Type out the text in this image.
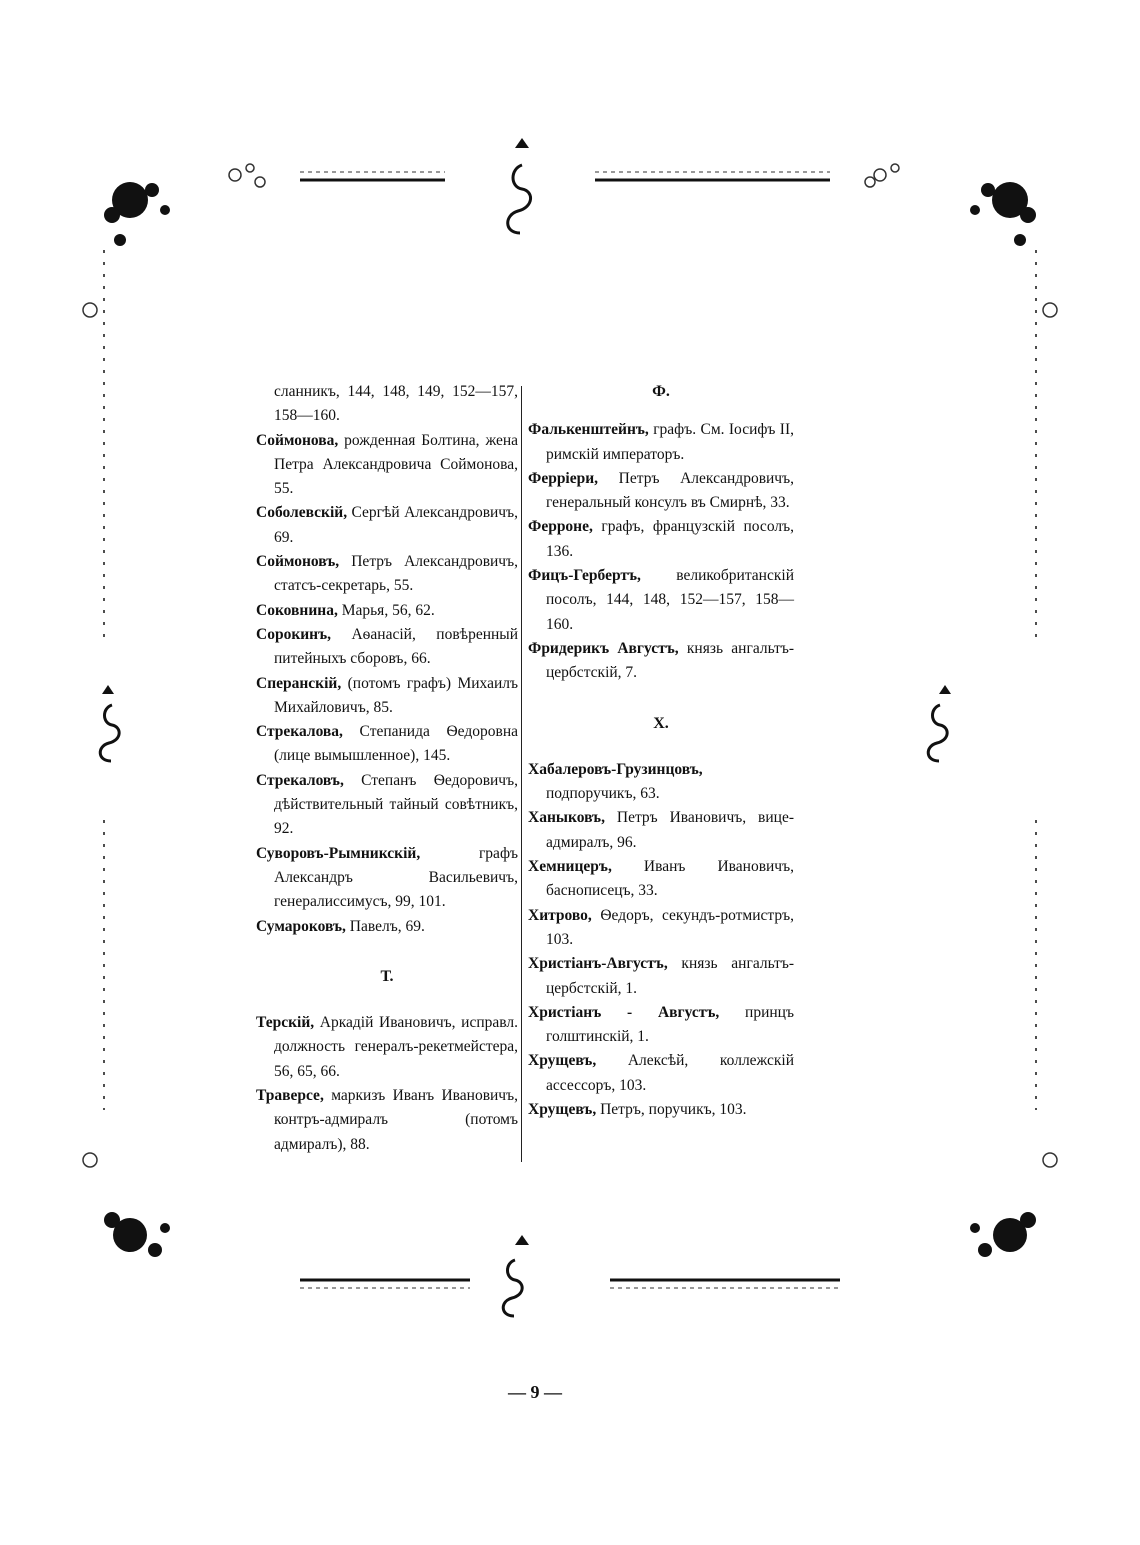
сланникъ, 144, 148, 149, 152—157, 158—160.

Соймонова, рожденная Болтина, жена Петра Александровича Соймонова, 55.

Соболевскій, Сергѣй Александровичъ, 69.

Соймоновъ, Петръ Александровичъ, статсъ-секретарь, 55.

Соковнина, Марья, 56, 62.

Сорокинъ, Аѳанасій, повѣренный питейныхъ сборовъ, 66.

Сперанскій, (потомъ графъ) Михаилъ Михайловичъ, 85.

Стрекалова, Степанида Ѳедоровна (лице вымышленное), 145.

Стрекаловъ, Степанъ Ѳедоровичъ, дѣйствительный тайный совѣтникъ, 92.

Суворовъ-Рымникскій, графъ Александръ Васильевичъ, генералиссимусъ, 99, 101.

Сумароковъ, Павелъ, 69.

Т.

Терскій, Аркадій Ивановичъ, исправл. должность генералъ-рекетмейстера, 56, 65, 66.

Траверсе, маркизъ Иванъ Ивановичъ, контръ-адмиралъ (потомъ адмиралъ), 88.

Ф.

Фалькенштейнъ, графъ. См. Іосифъ II, римскій императоръ.

Ферріери, Петръ Александровичъ, генеральный консулъ въ Смирнѣ, 33.

Ферроне, графъ, французскій посолъ, 136.

Фицъ-Гербертъ, великобританскій посолъ, 144, 148, 152—157, 158—160.

Фридерикъ Августъ, князь ангальтъ-цербстскій, 7.

Х.

Хабалеровъ-Грузинцовъ, подпоручикъ, 63.

Ханыковъ, Петръ Ивановичъ, вице-адмиралъ, 96.

Хемницеръ, Иванъ Ивановичъ, баснописецъ, 33.

Хитрово, Ѳедоръ, секундъ-ротмистръ, 103.

Христіанъ-Августъ, князь ангальтъ-цербстскій, 1.

Христіанъ - Августъ, принцъ голштинскій, 1.

Хрущевъ, Алексѣй, коллежскій ассессоръ, 103.

Хрущевъ, Петръ, поручикъ, 103.

— 9 —
